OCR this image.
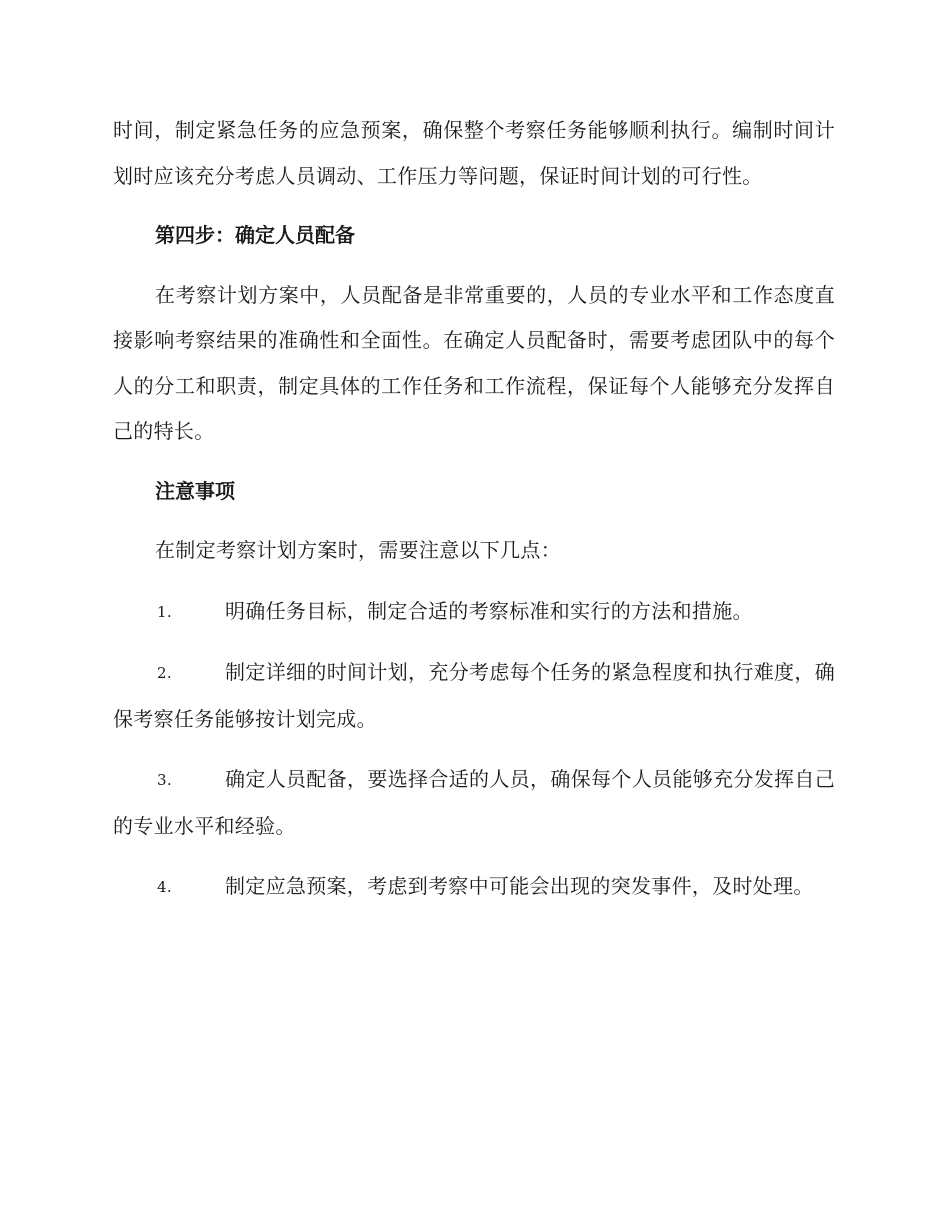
时间，制定紧急任务的应急预案，确保整个考察任务能够顺利执行。编制时间计划时应该充分考虑人员调动、工作压力等问题，保证时间计划的可行性。

第四步：确定人员配备

在考察计划方案中，人员配备是非常重要的，人员的专业水平和工作态度直接影响考察结果的准确性和全面性。在确定人员配备时，需要考虑团队中的每个人的分工和职责，制定具体的工作任务和工作流程，保证每个人能够充分发挥自己的特长。

注意事项

在制定考察计划方案时，需要注意以下几点：

1.	明确任务目标，制定合适的考察标准和实行的方法和措施。

2.	制定详细的时间计划，充分考虑每个任务的紧急程度和执行难度，确保考察任务能够按计划完成。

3.	确定人员配备，要选择合适的人员，确保每个人员能够充分发挥自己的专业水平和经验。

4.	制定应急预案，考虑到考察中可能会出现的突发事件，及时处理。
